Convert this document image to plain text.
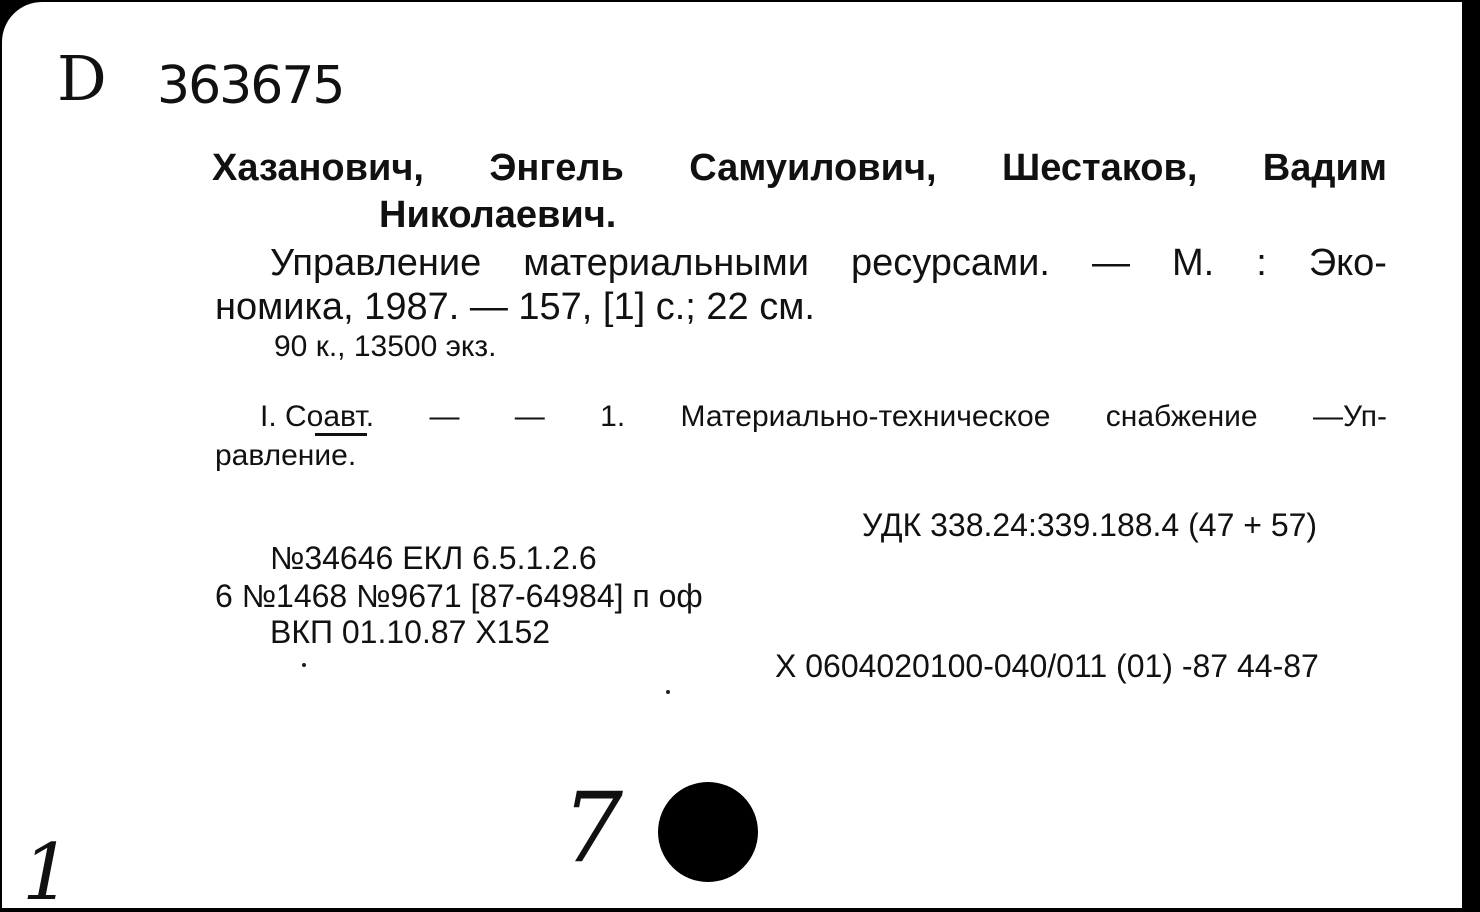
D 363675
Хазанович, Энгель Самуилович, Шестаков, Вадим
Николаевич.
Управление материальными ресурсами. — М. : Эко-
номика, 1987. — 157, [1] с.; 22 см.
90 к., 13500 экз.
I. Соавт. — — 1. Материально-техническое снабжение —Уп-
равление.
УДК 338.24:339.188.4 (47 + 57)
№34646 ЕКЛ 6.5.1.2.6
6 №1468 №9671 [87-64984] п оф
ВКП 01.10.87 Х152
Х 0604020100-040/011 (01) -87 44-87
7
1
